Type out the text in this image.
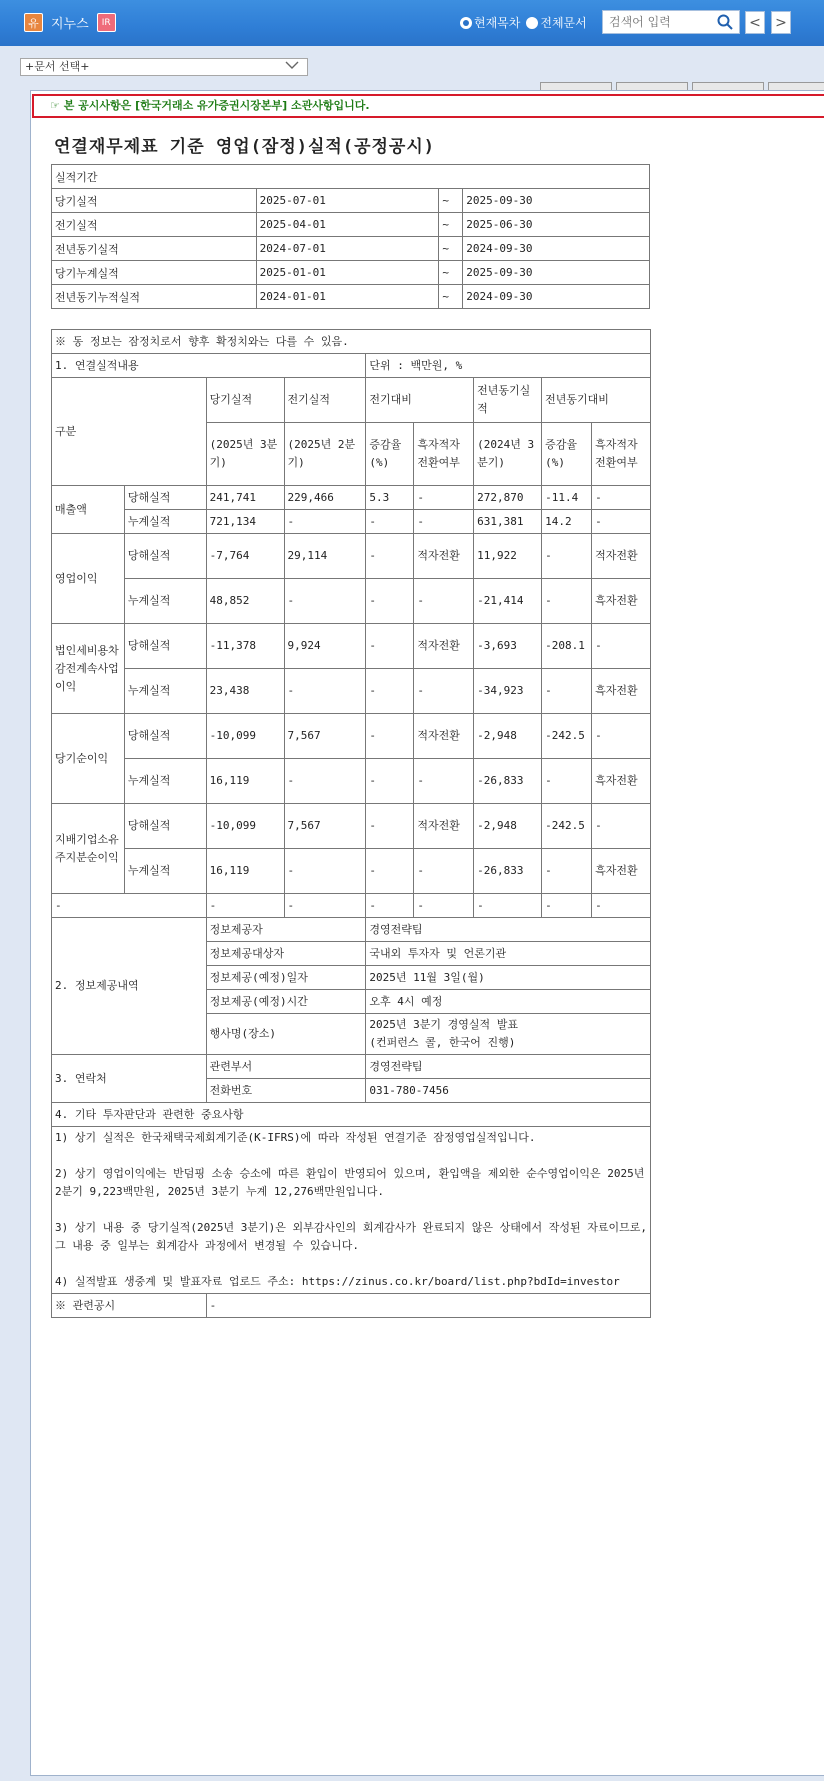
유 지누스	IR	현재목차 전체문서
검색어 입력	< >
+문서 선택+
☞ 본 공시사항은 [한국거래소 유가증권시장본부] 소관사항입니다.
연결재무제표 기준 영업(잠정)실적(공정공시)
실적기간			
당기실적	2025-07-01	~	2025-09-30
전기실적	2025-04-01	~	2025-06-30
전년동기실적	2024-07-01	~	2024-09-30
당기누계실적	2025-01-01	~	2025-09-30
전년동기누적실적	2024-01-01	~	2024-09-30
※ 동 정보는 잠정치로서 향후 확정치와는 다를 수 있음.								
1. 연결실적내용				단위 : 백만원, %				
구분		당기실적	전기실적	전기대비		전년동기실적	전년동기대비	
		(2025년 3분기)	(2025년 2분기)	증감율(%)	흑자적자전환여부	(2024년 3분기)	증감율(%)	흑자적자전환여부
매출액	당해실적	241,741	229,466	5.3	-	272,870	-11.4	-
	누계실적	721,134	-	-	-	631,381	14.2	-
영업이익	당해실적	-7,764	29,114	-	적자전환	11,922	-	적자전환
	누계실적	48,852	-	-	-	-21,414	-	흑자전환
법인세비용차감전계속사업이익	당해실적	-11,378	9,924	-	적자전환	-3,693	-208.1	-
	누계실적	23,438	-	-	-	-34,923	-	흑자전환
당기순이익	당해실적	-10,099	7,567	-	적자전환	-2,948	-242.5	-
	누계실적	16,119	-	-	-	-26,833	-	흑자전환
지배기업소유주지분순이익	당해실적	-10,099	7,567	-	적자전환	-2,948	-242.5	-
	누계실적	16,119	-	-	-	-26,833	-	흑자전환
-		-	-	-	-	-	-	-
2. 정보제공내역		정보제공자		경영전략팀				
		정보제공대상자		국내외 투자자 및 언론기관				
		정보제공(예정)일자		2025년 11월 3일(월)				
		정보제공(예정)시간		오후 4시 예정				
		행사명(장소)		2025년 3분기 경영실적 발표
(컨퍼런스 콜, 한국어 진행)				
3. 연락처		관련부서		경영전략팀				
		전화번호		031-780-7456				
4. 기타 투자판단과 관련한 중요사항								
1) 상기 실적은 한국채택국제회계기준(K-IFRS)에 따라 작성된 연결기준 잠정영업실적입니다.

2) 상기 영업이익에는 반덤핑 소송 승소에 따른 환입이 반영되어 있으며, 환입액을 제외한 순수영업이익은 2025년 2분기 9,223백만원, 2025년 3분기 누계 12,276백만원입니다.

3) 상기 내용 중 당기실적(2025년 3분기)은 외부감사인의 회계감사가 완료되지 않은 상태에서 작성된 자료이므로, 그 내용 중 일부는 회계감사 과정에서 변경될 수 있습니다.

4) 실적발표 생중계 및 발표자료 업로드 주소: https://zinus.co.kr/board/list.php?bdId=investor								
※ 관련공시		-						
